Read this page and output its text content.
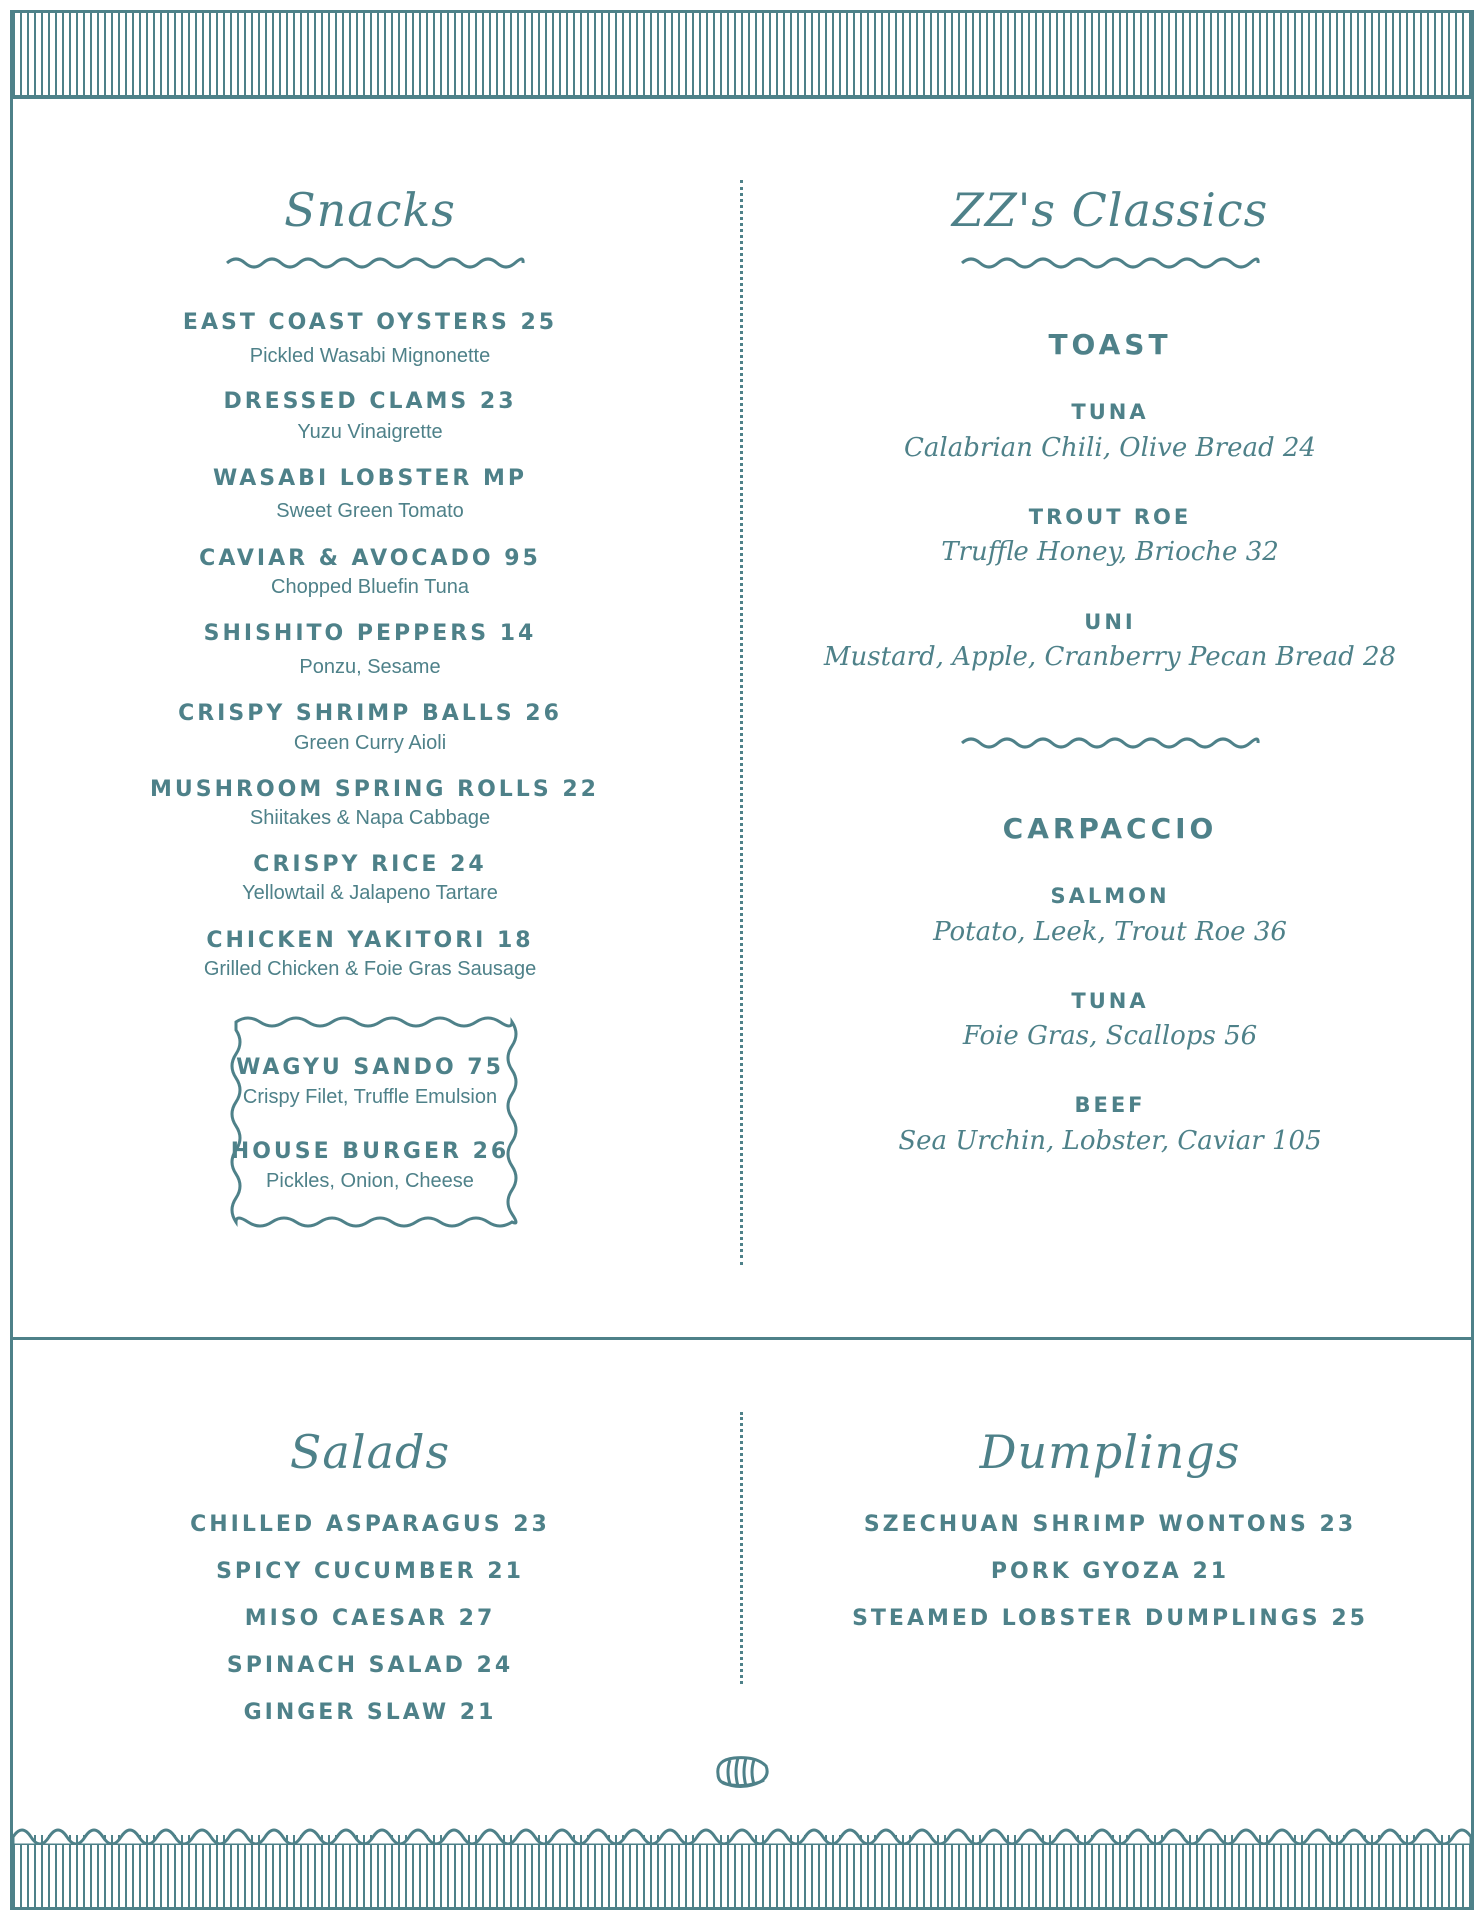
Snacks
EAST COAST OYSTERS 25
Pickled Wasabi Mignonette
DRESSED CLAMS 23
Yuzu Vinaigrette
WASABI LOBSTER MP
Sweet Green Tomato
CAVIAR & AVOCADO 95
Chopped Bluefin Tuna
SHISHITO PEPPERS 14
Ponzu, Sesame
CRISPY SHRIMP BALLS 26
Green Curry Aioli
MUSHROOM SPRING ROLLS 22
Shiitakes & Napa Cabbage
CRISPY RICE 24
Yellowtail & Jalapeno Tartare
CHICKEN YAKITORI 18
Grilled Chicken & Foie Gras Sausage
WAGYU SANDO 75
Crispy Filet, Truffle Emulsion
HOUSE BURGER 26
Pickles, Onion, Cheese
ZZ's Classics
TOAST
TUNA
Calabrian Chili, Olive Bread 24
TROUT ROE
Truffle Honey, Brioche 32
UNI
Mustard, Apple, Cranberry Pecan Bread 28
CARPACCIO
SALMON
Potato, Leek, Trout Roe 36
TUNA
Foie Gras, Scallops 56
BEEF
Sea Urchin, Lobster, Caviar 105
Salads
CHILLED ASPARAGUS 23
SPICY CUCUMBER 21
MISO CAESAR 27
SPINACH SALAD 24
GINGER SLAW 21
Dumplings
SZECHUAN SHRIMP WONTONS 23
PORK GYOZA 21
STEAMED LOBSTER DUMPLINGS 25
